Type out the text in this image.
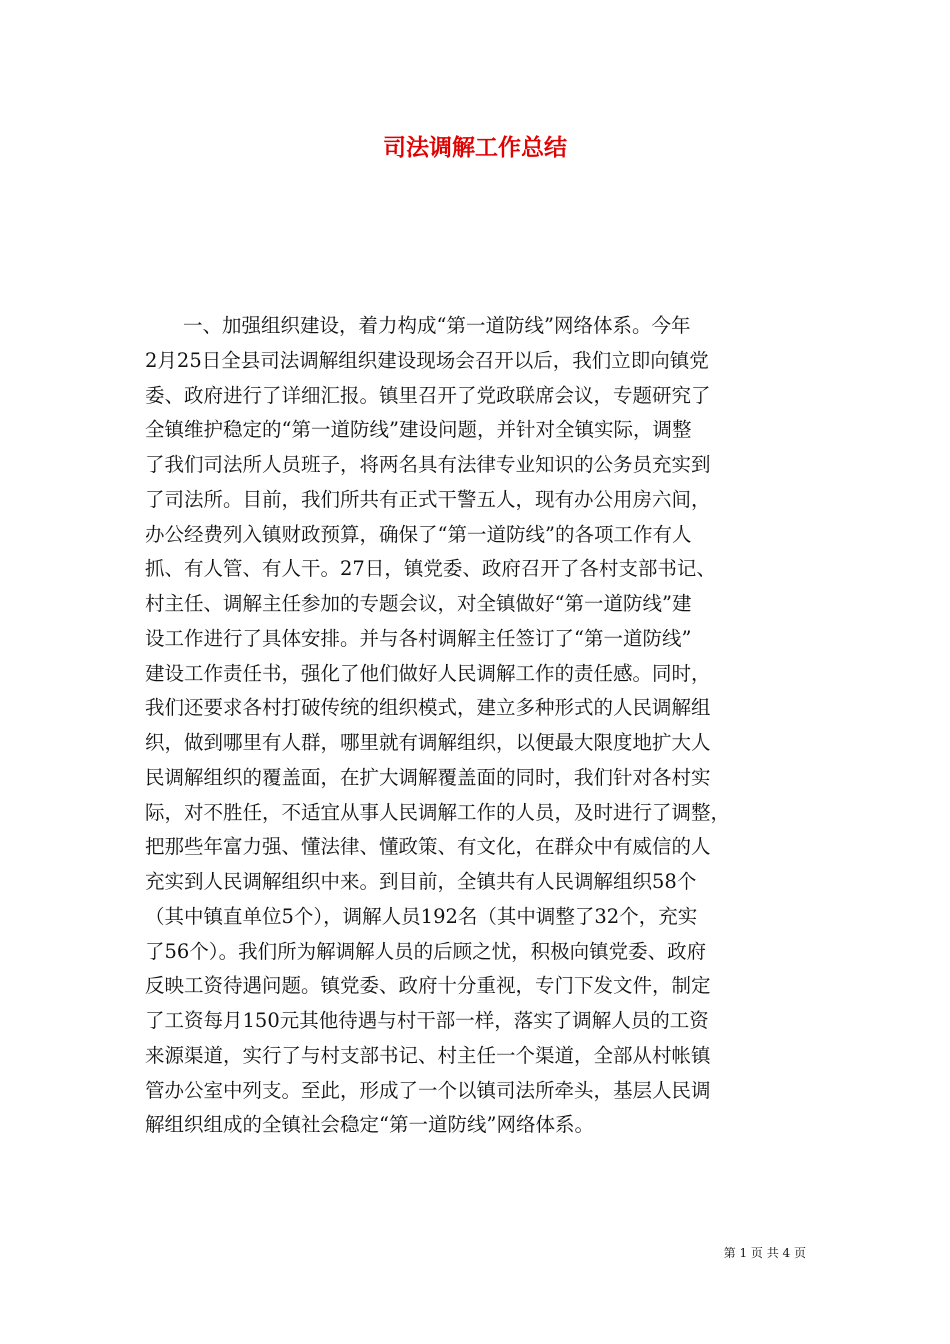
司法调解工作总结
一、加强组织建设，着力构成“第一道防线”网络体系。今年
2月25日全县司法调解组织建设现场会召开以后，我们立即向镇党
委、政府进行了详细汇报。镇里召开了党政联席会议，专题研究了
全镇维护稳定的“第一道防线”建设问题，并针对全镇实际，调整
了我们司法所人员班子，将两名具有法律专业知识的公务员充实到
了司法所。目前，我们所共有正式干警五人，现有办公用房六间，
办公经费列入镇财政预算，确保了“第一道防线”的各项工作有人
抓、有人管、有人干。27日，镇党委、政府召开了各村支部书记、
村主任、调解主任参加的专题会议，对全镇做好“第一道防线”建
设工作进行了具体安排。并与各村调解主任签订了“第一道防线”
建设工作责任书，强化了他们做好人民调解工作的责任感。同时，
我们还要求各村打破传统的组织模式，建立多种形式的人民调解组
织，做到哪里有人群，哪里就有调解组织，以便最大限度地扩大人
民调解组织的覆盖面，在扩大调解覆盖面的同时，我们针对各村实
际，对不胜任，不适宜从事人民调解工作的人员，及时进行了调整，
把那些年富力强、懂法律、懂政策、有文化，在群众中有威信的人
充实到人民调解组织中来。到目前，全镇共有人民调解组织58个
（其中镇直单位5个），调解人员192名（其中调整了32个，充实
了56个）。我们所为解调解人员的后顾之忧，积极向镇党委、政府
反映工资待遇问题。镇党委、政府十分重视，专门下发文件，制定
了工资每月150元其他待遇与村干部一样，落实了调解人员的工资
来源渠道，实行了与村支部书记、村主任一个渠道，全部从村帐镇
管办公室中列支。至此，形成了一个以镇司法所牵头，基层人民调
解组织组成的全镇社会稳定“第一道防线”网络体系。
第 1 页 共 4 页
